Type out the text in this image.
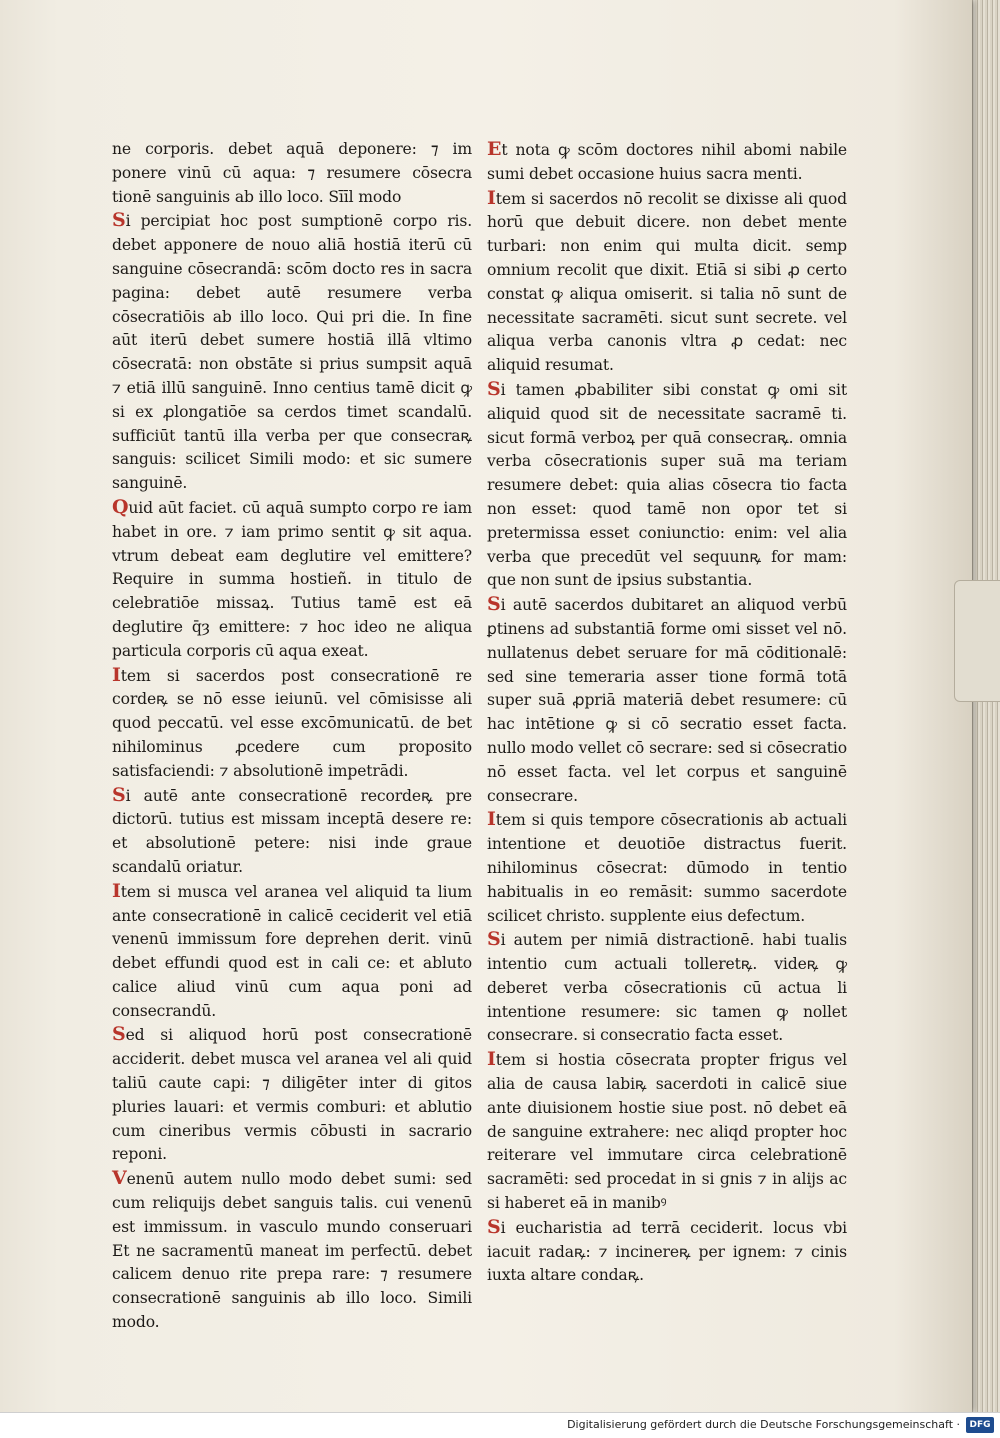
ne corporis. debet aquā deponere: ⁊ im ponere vinū cū aqua: ⁊ resumere cōsecra tionē sanguinis ab illo loco. Sīīl modo

Si percipiat hoc post sumptionē corpo ris. debet apponere de nouo aliā hostiā iterū cū sanguine cōsecrandā: scōm docto res in sacra pagina: debet autē resumere verba cōsecratiōis ab illo loco. Qui pri die. In fine aūt iterū debet sumere hostiā illā vltimo cōsecratā: non obstāte si prius sumpsit aquā ⁊ etiā illū sanguinē. Inno centius tamē dicit ꝙ si ex ꝓlongatiōe sa cerdos timet scandalū. sufficiūt tantū illa verba per que consecraꝶ sanguis: scilicet Simili modo: et sic sumere sanguinē.

Quid aūt faciet. cū aquā sumpto corpo re iam habet in ore. ⁊ iam primo sentit ꝙ sit aqua. vtrum debeat eam deglutire vel emittere? Require in summa hostieñ. in titulo de celebratiōe missaꝝ. Tutius tamē est eā deglutire q̄ȝ emittere: ⁊ hoc ideo ne aliqua particula corporis cū aqua exeat.

Item si sacerdos post consecrationē re cordeꝶ se nō esse ieiunū. vel cōmisisse ali quod peccatū. vel esse excōmunicatū. de bet nihilominus ꝓcedere cum proposito satisfaciendi: ⁊ absolutionē impetrādi.

Si autē ante consecrationē recordeꝶ pre dictorū. tutius est missam inceptā desere re: et absolutionē petere: nisi inde graue scandalū oriatur.

Item si musca vel aranea vel aliquid ta lium ante consecrationē in calicē ceciderit vel etiā venenū immissum fore deprehen derit. vinū debet effundi quod est in cali ce: et abluto calice aliud vinū cum aqua poni ad consecrandū.

Sed si aliquod horū post consecrationē acciderit. debet musca vel aranea vel ali quid taliū caute capi: ⁊ diligēter inter di gitos pluries lauari: et vermis comburi: et ablutio cum cineribus vermis cōbusti in sacrario reponi.

Venenū autem nullo modo debet sumi: sed cum reliquijs debet sanguis talis. cui venenū est immissum. in vasculo mundo conseruari Et ne sacramentū maneat im perfectū. debet calicem denuo rite prepa rare: ⁊ resumere consecrationē sanguinis ab illo loco. Simili modo.

Et nota ꝙ scōm doctores nihil abomi nabile sumi debet occasione huius sacra menti.

Item si sacerdos nō recolit se dixisse ali quod horū que debuit dicere. non debet mente turbari: non enim qui multa dicit. semp omnium recolit que dixit. Etiā si sibi ꝓ certo constat ꝙ aliqua omiserit. si talia nō sunt de necessitate sacramēti. sicut sunt secrete. vel aliqua verba canonis vltra ꝓ cedat: nec aliquid resumat.

Si tamen ꝓbabiliter sibi constat ꝙ omi sit aliquid quod sit de necessitate sacramē ti. sicut formā verboꝝ per quā consecraꝶ. omnia verba cōsecrationis super suā ma teriam resumere debet: quia alias cōsecra tio facta non esset: quod tamē non opor tet si pretermissa esset coniunctio: enim: vel alia verba que precedūt vel sequunꝶ for mam: que non sunt de ipsius substantia.

Si autē sacerdos dubitaret an aliquod verbū ꝑtinens ad substantiā forme omi sisset vel nō. nullatenus debet seruare for mā cōditionalē: sed sine temeraria asser tione formā totā super suā ꝓpriā materiā debet resumere: cū hac intētione ꝙ si cō secratio esset facta. nullo modo vellet cō secrare: sed si cōsecratio nō esset facta. vel let corpus et sanguinē consecrare.

Item si quis tempore cōsecrationis ab actuali intentione et deuotiōe distractus fuerit. nihilominus cōsecrat: dūmodo in tentio habitualis in eo remāsit: summo sacerdote scilicet christo. supplente eius defectum.

Si autem per nimiā distractionē. habi tualis intentio cum actuali tolleretꝶ. videꝶ ꝙ deberet verba cōsecrationis cū actua li intentione resumere: sic tamen ꝙ nollet consecrare. si consecratio facta esset.

Item si hostia cōsecrata propter frigus vel alia de causa labiꝶ sacerdoti in calicē siue ante diuisionem hostie siue post. nō debet eā de sanguine extrahere: nec aliqd propter hoc reiterare vel immutare circa celebrationē sacramēti: sed procedat in si gnis ⁊ in alijs ac si haberet eā in manibꝰ

Si eucharistia ad terrā ceciderit. locus vbi iacuit radaꝶ: ⁊ incinereꝶ per ignem: ⁊ cinis iuxta altare condaꝶ.

Digitalisierung gefördert durch die Deutsche Forschungsgemeinschaft ·	DFG
